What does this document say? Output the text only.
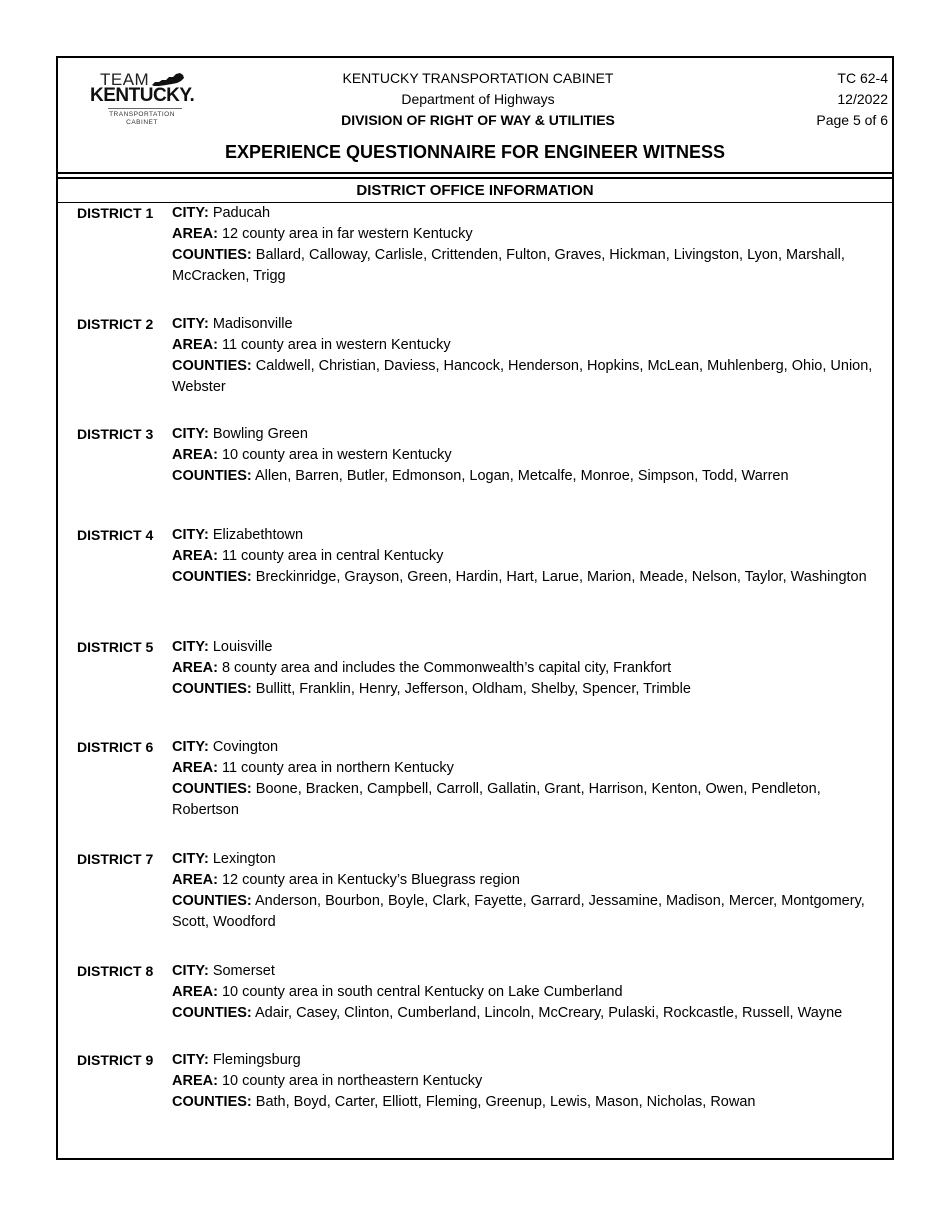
TEAM
KENTUCKY.
TRANSPORTATION
CABINET
KENTUCKY TRANSPORTATION CABINET
Department of Highways
DIVISION OF RIGHT OF WAY & UTILITIES
TC 62-4
12/2022
Page 5 of 6
EXPERIENCE QUESTIONNAIRE FOR ENGINEER WITNESS
DISTRICT OFFICE INFORMATION
DISTRICT 1	CITY: Paducah
AREA: 12 county area in far western Kentucky
COUNTIES: Ballard, Calloway, Carlisle, Crittenden, Fulton, Graves, Hickman, Livingston, Lyon, Marshall, McCracken, Trigg
DISTRICT 2	CITY: Madisonville
AREA: 11 county area in western Kentucky
COUNTIES: Caldwell, Christian, Daviess, Hancock, Henderson, Hopkins, McLean, Muhlenberg, Ohio, Union, Webster
DISTRICT 3	CITY: Bowling Green
AREA: 10 county area in western Kentucky
COUNTIES: Allen, Barren, Butler, Edmonson, Logan, Metcalfe, Monroe, Simpson, Todd, Warren
DISTRICT 4	CITY: Elizabethtown
AREA: 11 county area in central Kentucky
COUNTIES: Breckinridge, Grayson, Green, Hardin, Hart, Larue, Marion, Meade, Nelson, Taylor, Washington
DISTRICT 5	CITY: Louisville
AREA: 8 county area and includes the Commonwealth’s capital city, Frankfort
COUNTIES: Bullitt, Franklin, Henry, Jefferson, Oldham, Shelby, Spencer, Trimble
DISTRICT 6	CITY: Covington
AREA: 11 county area in northern Kentucky
COUNTIES: Boone, Bracken, Campbell, Carroll, Gallatin, Grant, Harrison, Kenton, Owen, Pendleton, Robertson
DISTRICT 7	CITY: Lexington
AREA: 12 county area in Kentucky’s Bluegrass region
COUNTIES: Anderson, Bourbon, Boyle, Clark, Fayette, Garrard, Jessamine, Madison, Mercer, Montgomery, Scott, Woodford
DISTRICT 8	CITY: Somerset
AREA: 10 county area in south central Kentucky on Lake Cumberland
COUNTIES: Adair, Casey, Clinton, Cumberland, Lincoln, McCreary, Pulaski, Rockcastle, Russell, Wayne
DISTRICT 9	CITY: Flemingsburg
AREA: 10 county area in northeastern Kentucky
COUNTIES: Bath, Boyd, Carter, Elliott, Fleming, Greenup, Lewis, Mason, Nicholas, Rowan
